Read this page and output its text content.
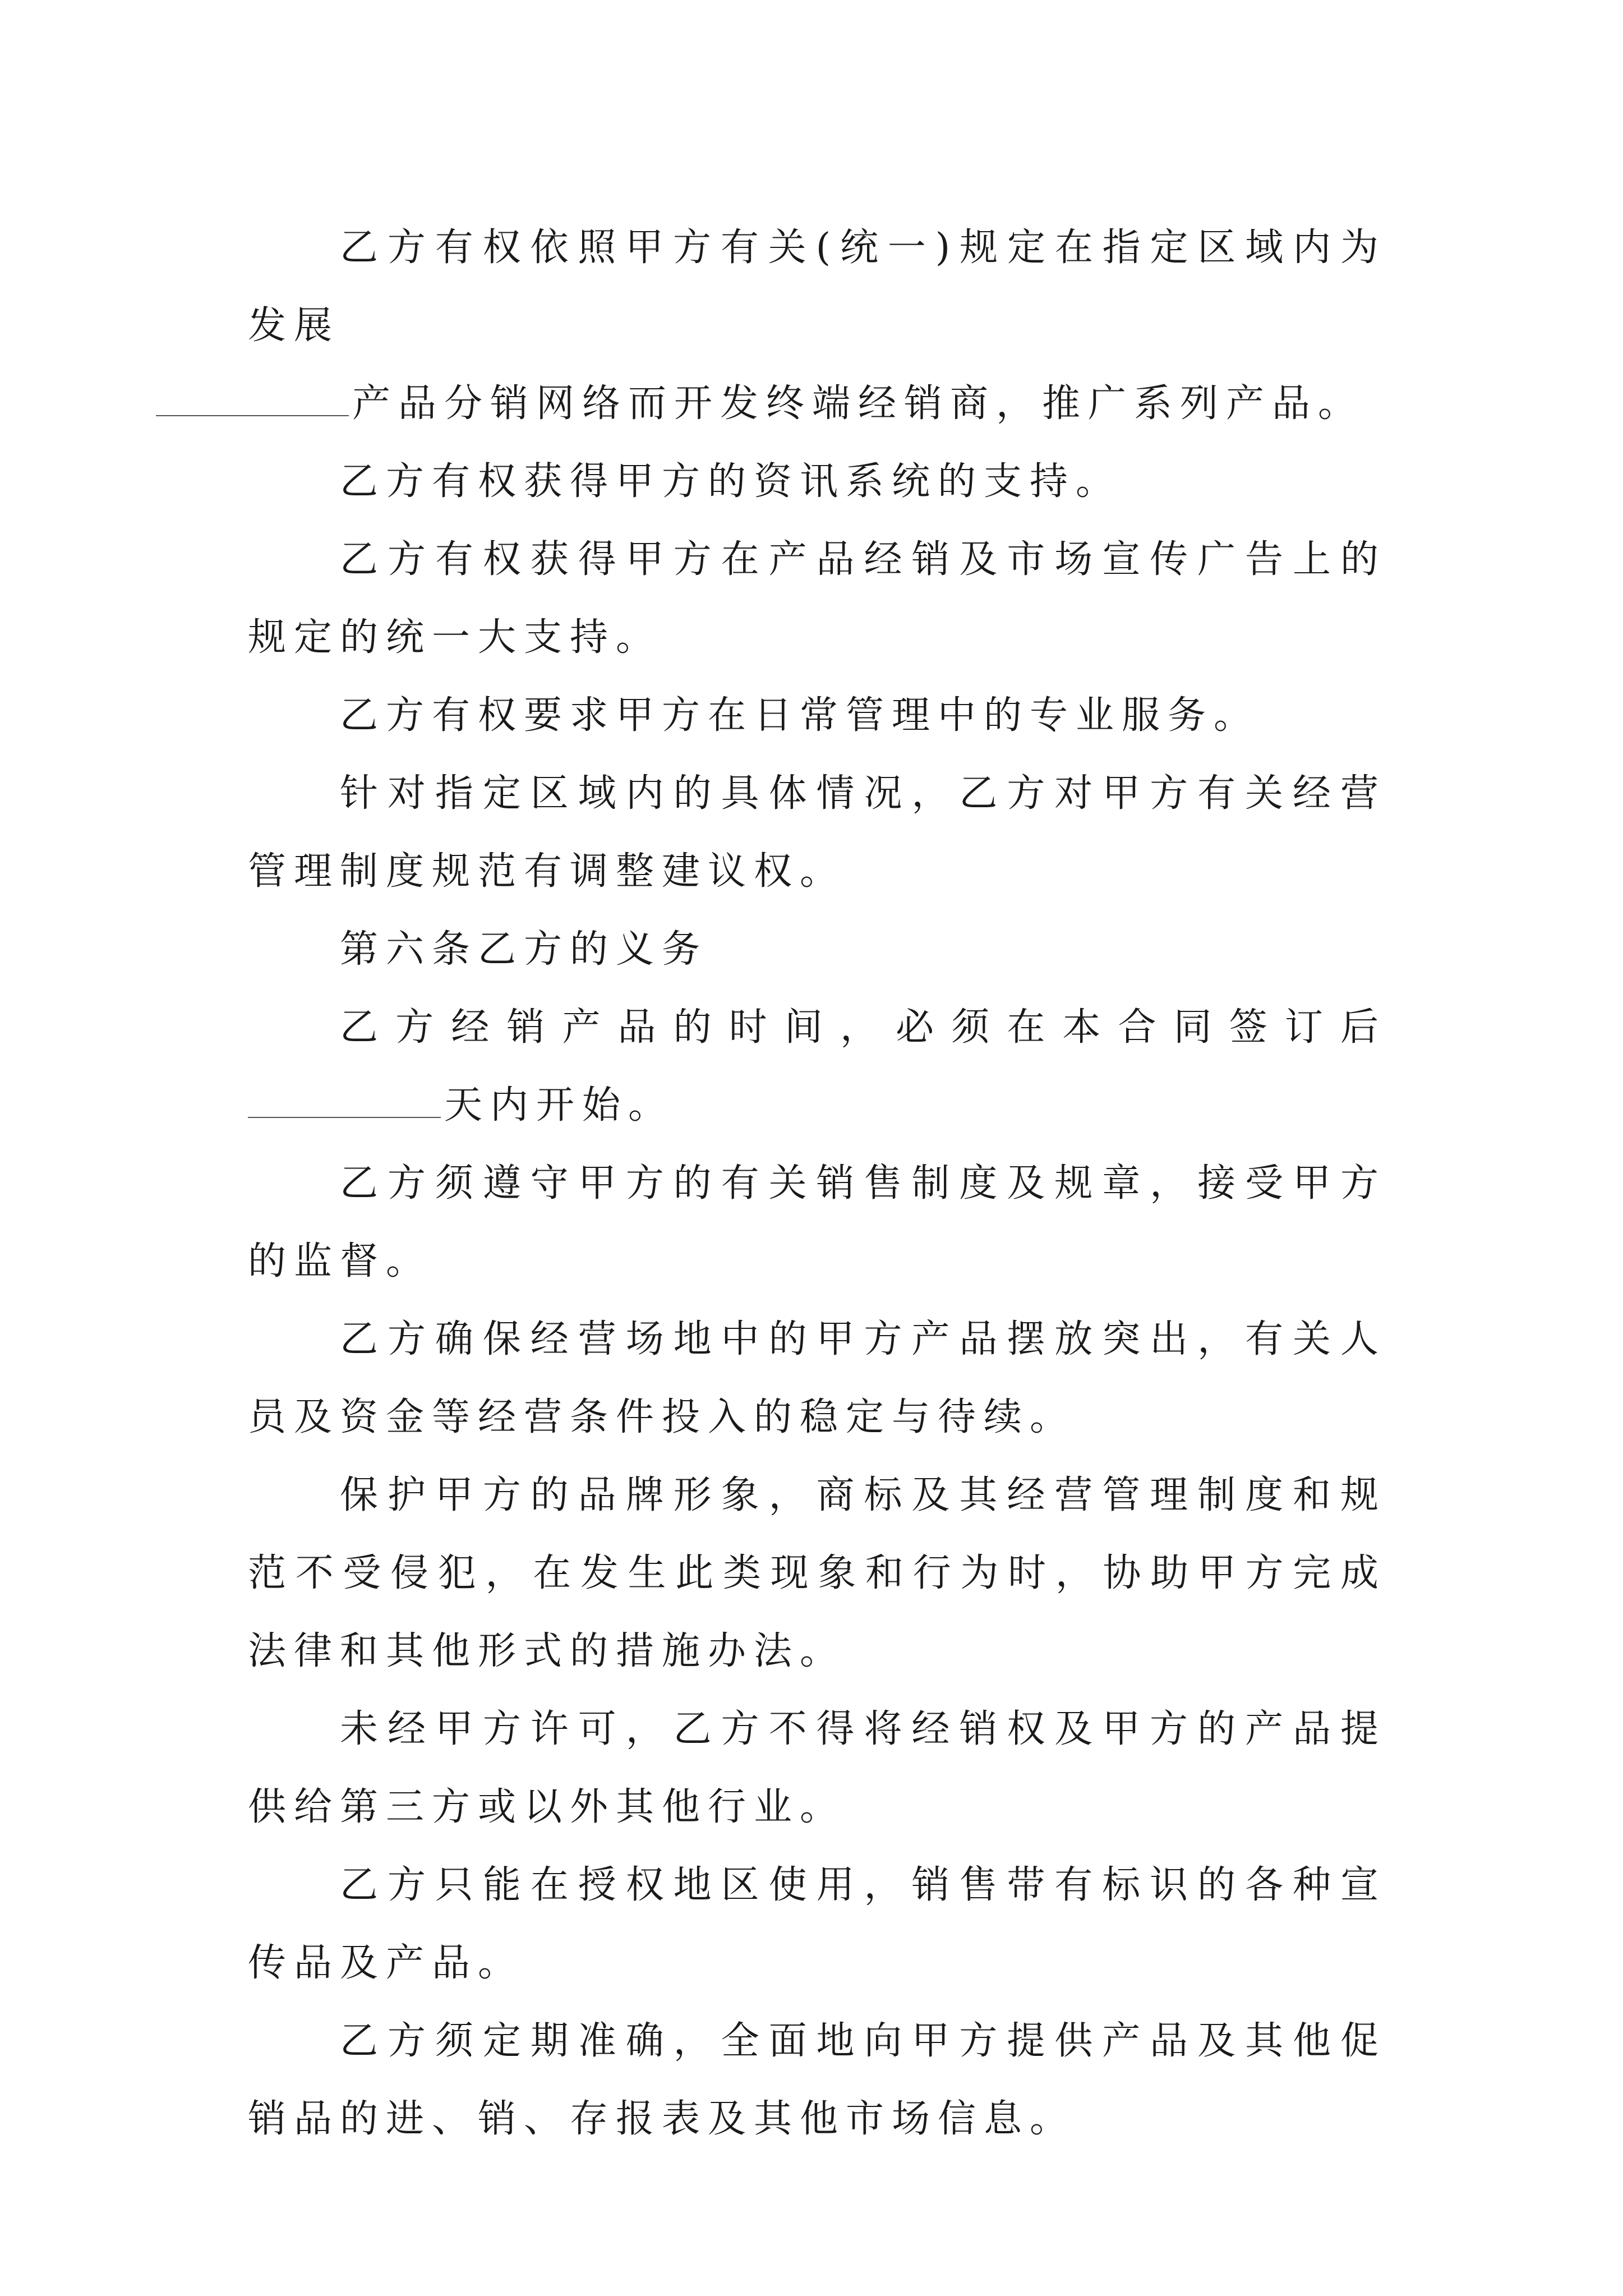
乙方有权依照甲方有关(统一)规定在指定区域内为发展
产品分销网络而开发终端经销商，推广系列产品。

乙方有权获得甲方的资讯系统的支持。

乙方有权获得甲方在产品经销及市场宣传广告上的规定的统一大支持。

乙方有权要求甲方在日常管理中的专业服务。

针对指定区域内的具体情况，乙方对甲方有关经营管理制度规范有调整建议权。

第六条乙方的义务

乙方经销产品的时间，必须在本合同签订后天内开始。

乙方须遵守甲方的有关销售制度及规章，接受甲方的监督。

乙方确保经营场地中的甲方产品摆放突出，有关人员及资金等经营条件投入的稳定与待续。

保护甲方的品牌形象，商标及其经营管理制度和规范不受侵犯，在发生此类现象和行为时，协助甲方完成法律和其他形式的措施办法。

未经甲方许可，乙方不得将经销权及甲方的产品提供给第三方或以外其他行业。

乙方只能在授权地区使用，销售带有标识的各种宣传品及产品。

乙方须定期准确，全面地向甲方提供产品及其他促销品的进、销、存报表及其他市场信息。
